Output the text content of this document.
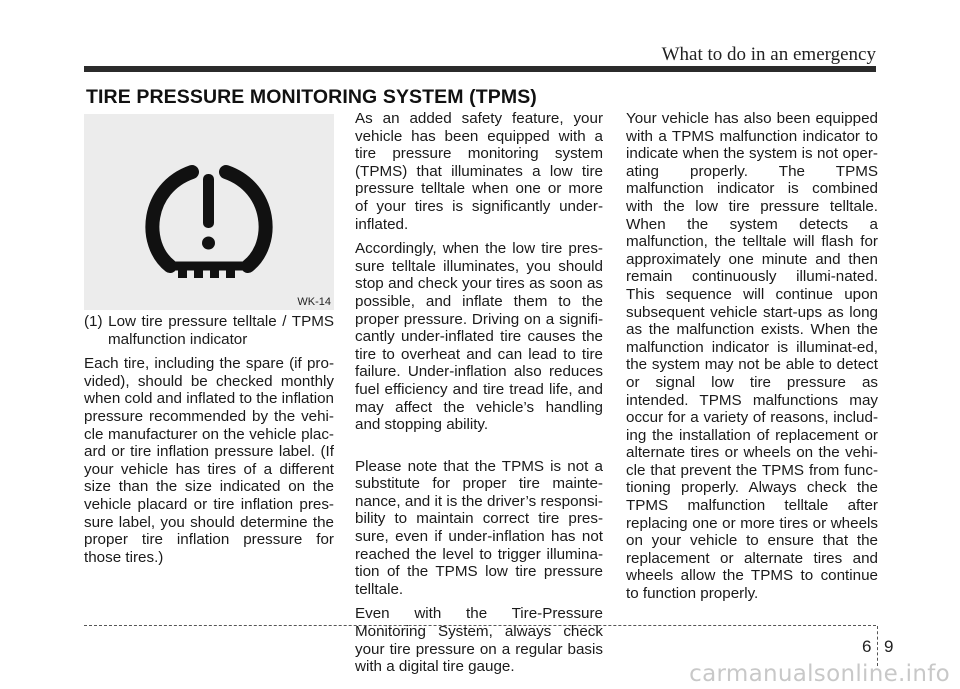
What to do in an emergency
TIRE PRESSURE MONITORING SYSTEM (TPMS)
WK-14

(1) Low tire pressure telltale / TPMS malfunction indicator

Each tire, including the spare (if pro-vided), should be checked monthly when cold and inflated to the inflation pressure recommended by the vehi-cle manufacturer on the vehicle plac-ard or tire inflation pressure label. (If your vehicle has tires of a different size than the size indicated on the vehicle placard or tire inflation pres-sure label, you should determine the proper tire inflation pressure for those tires.)

As an added safety feature, your vehicle has been equipped with a tire pressure monitoring system (TPMS) that illuminates a low tire pressure telltale when one or more of your tires is significantly under-inflated.

Accordingly, when the low tire pres-sure telltale illuminates, you should stop and check your tires as soon as possible, and inflate them to the proper pressure. Driving on a signifi-cantly under-inflated tire causes the tire to overheat and can lead to tire failure. Under-inflation also reduces fuel efficiency and tire tread life, and may affect the vehicle’s handling and stopping ability.

Please note that the TPMS is not a substitute for proper tire mainte-nance, and it is the driver’s responsi-bility to maintain correct tire pres-sure, even if under-inflation has not reached the level to trigger illumina-tion of the TPMS low tire pressure telltale.

Even with the Tire-Pressure Monitoring System, always check your tire pressure on a regular basis with a digital tire gauge.

Your vehicle has also been equipped with a TPMS malfunction indicator to indicate when the system is not oper-ating properly. The TPMS malfunction indicator is combined with the low tire pressure telltale. When the system detects a malfunction, the telltale will flash for approximately one minute and then remain continuously illumi-nated. This sequence will continue upon subsequent vehicle start-ups as long as the malfunction exists. When the malfunction indicator is illuminat-ed, the system may not be able to detect or signal low tire pressure as intended. TPMS malfunctions may occur for a variety of reasons, includ-ing the installation of replacement or alternate tires or wheels on the vehi-cle that prevent the TPMS from func-tioning properly. Always check the TPMS malfunction telltale after replacing one or more tires or wheels on your vehicle to ensure that the replacement or alternate tires and wheels allow the TPMS to continue to function properly.

6 9
carmanualsonline.info
